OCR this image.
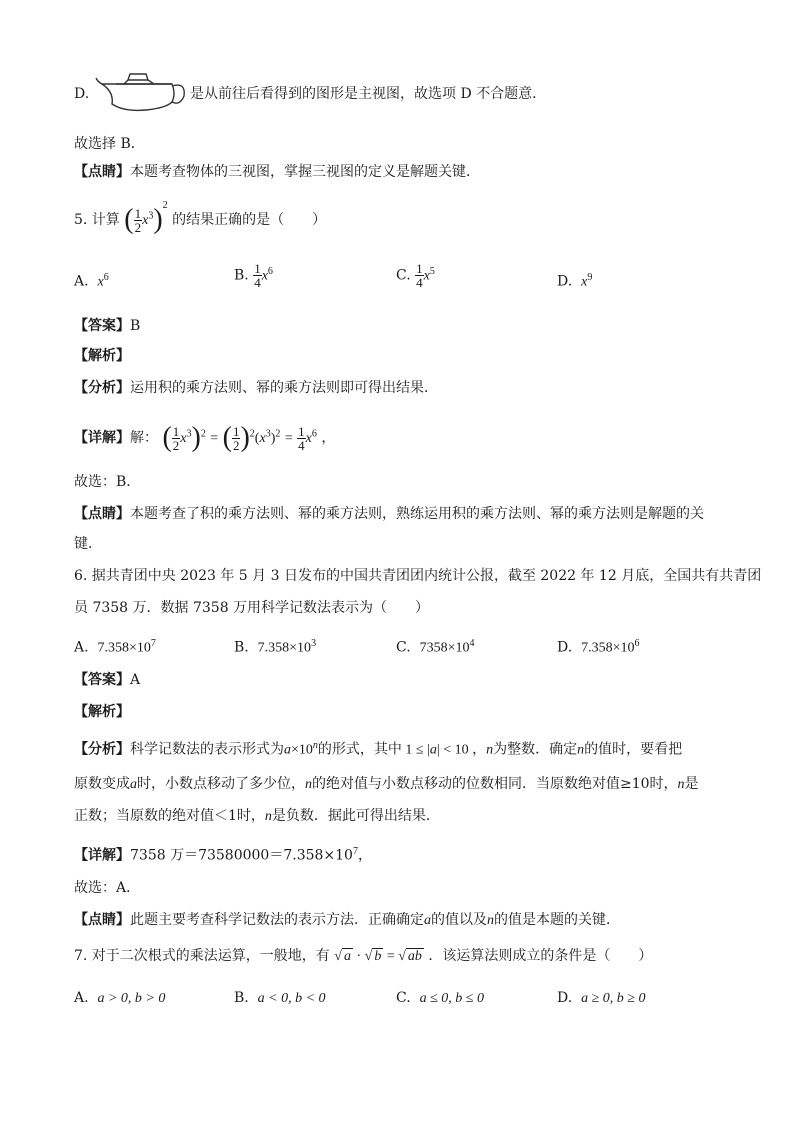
D.	是从前往后看得到的图形是主视图，故选项 D 不合题意．
故选择 B．
【点睛】本题考查物体的三视图，掌握三视图的定义是解题关键．
5. 计算 ( $\frac{1}{2} x^3)^2$ 的结果正确的是（　　）
A. $x^6$	B. $\frac{1}{4} x^6$	C. $\frac{1}{4} x^5$
D. $x^9$
【答案】B
【解析】
【分析】运用积的乘方法则、幂的乘方法则即可得出结果．
【详解】解： ( $\frac{1}{2} x^3)^2$ = ( $\frac{1}{2} )^2(x^3)^2 = \frac{1}{4} x^6$ ，
故选：B．
【点睛】本题考查了积的乘方法则、幂的乘方法则，熟练运用积的乘方法则、幂的乘方法则是解题的关
键．
6. 据共青团中央 2023 年 5 月 3 日发布的中国共青团团内统计公报，截至 2022 年 12 月底，全国共有共青团
员 7358 万．数据 7358 万用科学记数法表示为（　　）
A. $7.358\times 10^7$	B. $7.358\times 10^3$	C. $7358\times 10^4$	D. $7.358\times 10^6$
【答案】A
【解析】
【分析】科学记数法的表示形式为$a\times 10^n$的形式，其中 1 ≤ |a| < 10 ，n为整数．确定n的值时，要看把
原数变成a时，小数点移动了多少位，n的绝对值与小数点移动的位数相同．当原数绝对值≥10时，n是
正数；当原数的绝对值＜1时，n是负数．据此可得出结果．
【详解】7358 万$=73580000=7.358\times 10^7$，
故选：A．
【点睛】此题主要考查科学记数法的表示方法．正确确定a的值以及n的值是本题的关键．
7. 对于二次根式的乘法运算，一般地，有 √ a · √ b = √ ab ．该运算法则成立的条件是（　　）
A. a > 0, b > 0	B. a < 0, b < 0	C. a ≤ 0, b ≤ 0	D. a ≥ 0, b ≥ 0
